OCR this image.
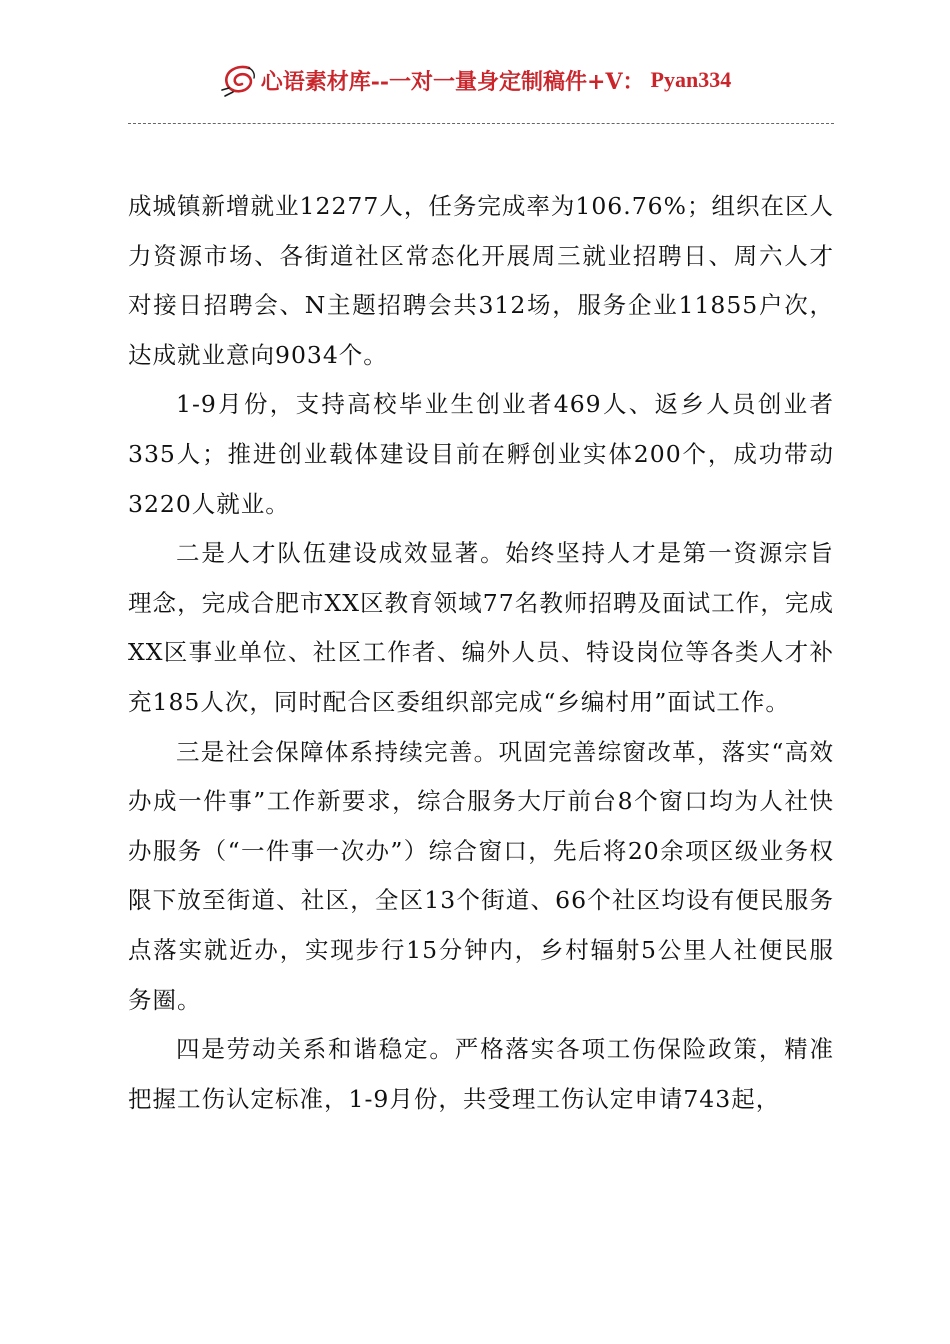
心语素材库 --一对一量身定制稿件+V： Pyan334

成城镇新增就业12277人，任务完成率为106.76%；组织在区人力资源市场、各街道社区常态化开展周三就业招聘日、周六人才对接日招聘会、N主题招聘会共312场，服务企业11855户次，达成就业意向9034个。

1-9月份，支持高校毕业生创业者469人、返乡人员创业者335人；推进创业载体建设目前在孵创业实体200个，成功带动3220人就业。

二是人才队伍建设成效显著。始终坚持人才是第一资源宗旨理念，完成合肥市XX区教育领域77名教师招聘及面试工作，完成XX区事业单位、社区工作者、编外人员、特设岗位等各类人才补充185人次，同时配合区委组织部完成“乡编村用”面试工作。

三是社会保障体系持续完善。巩固完善综窗改革，落实“高效办成一件事”工作新要求，综合服务大厅前台8个窗口均为人社快办服务（“一件事一次办”）综合窗口，先后将20余项区级业务权限下放至街道、社区，全区13个街道、66个社区均设有便民服务点落实就近办，实现步行15分钟内，乡村辐射5公里人社便民服务圈。

四是劳动关系和谐稳定。严格落实各项工伤保险政策，精准把握工伤认定标准，1-9月份，共受理工伤认定申请743起，
